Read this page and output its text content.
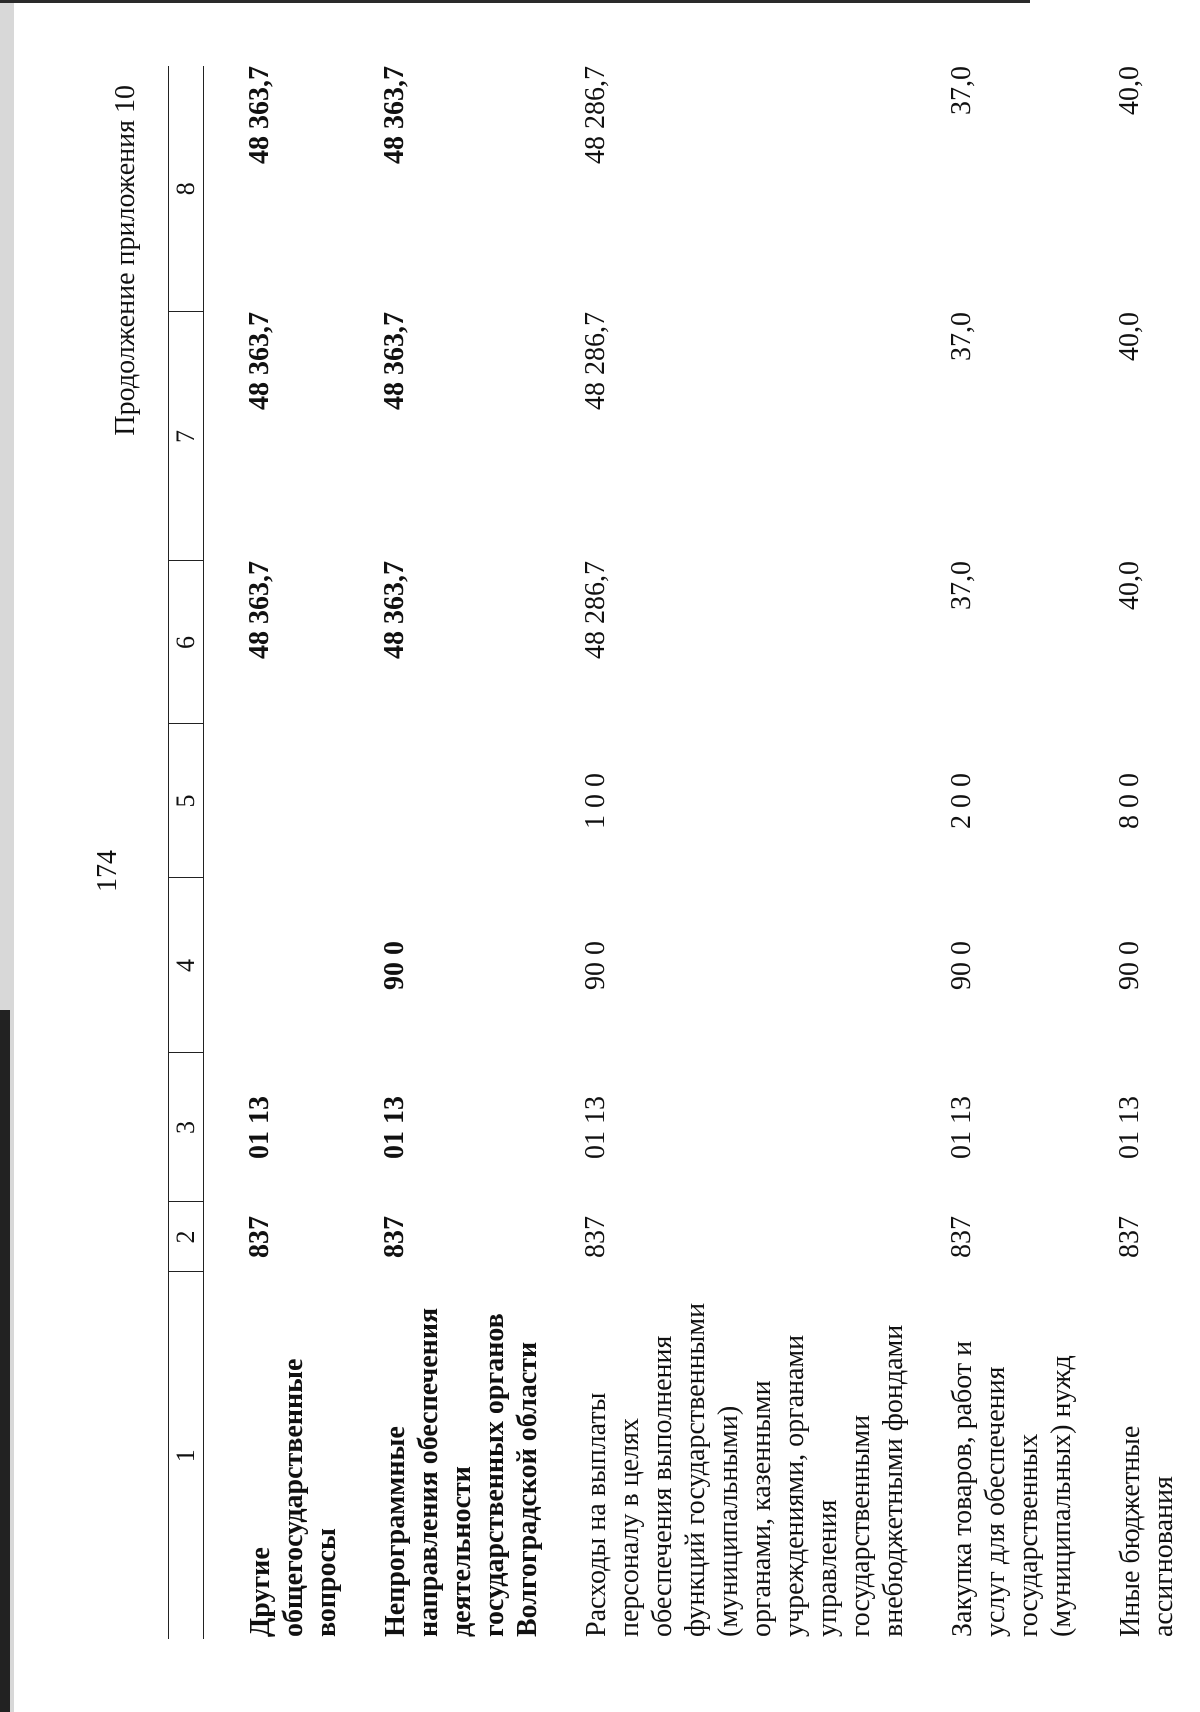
174
Продолжение приложения 10
1	2	3	4	5	6	7	8
Другие общегосударственные вопросы	837	01 13			48 363,7	48 363,7	48 363,7
Непрограммные направления обеспечения деятельности государственных органов Волгоградской области	837	01 13	90 0		48 363,7	48 363,7	48 363,7
Расходы на выплаты персоналу в целях обеспечения выполнения функций государственными (муниципальными) органами, казенными учреждениями, органами управления государственными внебюджетными фондами	837	01 13	90 0	1 0 0	48 286,7	48 286,7	48 286,7
Закупка товаров, работ и услуг для обеспечения государственных (муниципальных) нужд	837	01 13	90 0	2 0 0	37,0	37,0	37,0
Иные бюджетные ассигнования	837	01 13	90 0	8 0 0	40,0	40,0	40,0
